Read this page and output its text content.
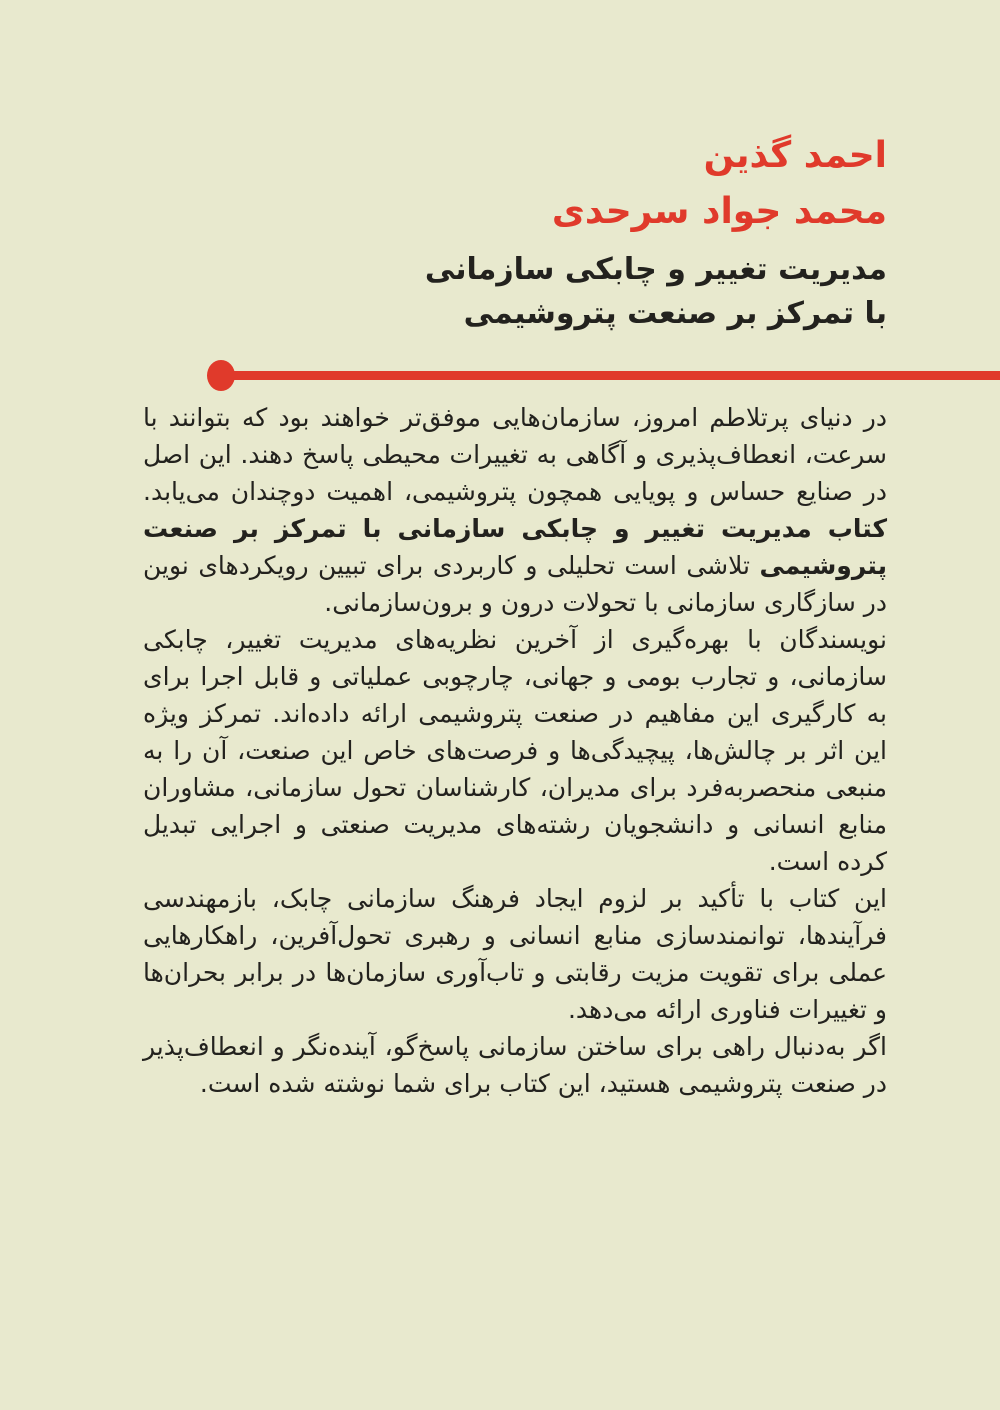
احمد گذین
محمد جواد سرحدی
مدیریت تغییر و چابکی سازمانی
با تمرکز بر صنعت پتروشیمی

در دنیای پرتلاطم امروز، سازمان‌هایی موفق‌تر خواهند بود که بتوانند با سرعت، انعطاف‌پذیری و آگاهی به تغییرات محیطی پاسخ دهند. این اصل در صنایع حساس و پویایی همچون پتروشیمی، اهمیت دوچندان می‌یابد. کتاب مدیریت تغییر و چابکی سازمانی با تمرکز بر صنعت پتروشیمی تلاشی است تحلیلی و کاربردی برای تبیین رویکردهای نوین در سازگاری سازمانی با تحولات درون و برون‌سازمانی.

نویسندگان با بهره‌گیری از آخرین نظریه‌های مدیریت تغییر، چابکی سازمانی، و تجارب بومی و جهانی، چارچوبی عملیاتی و قابل اجرا برای به کارگیری این مفاهیم در صنعت پتروشیمی ارائه داده‌اند. تمرکز ویژه این اثر بر چالش‌ها، پیچیدگی‌ها و فرصت‌های خاص این صنعت، آن را به منبعی منحصربه‌فرد برای مدیران، کارشناسان تحول سازمانی، مشاوران منابع انسانی و دانشجویان رشته‌های مدیریت صنعتی و اجرایی تبدیل کرده است.

این کتاب با تأکید بر لزوم ایجاد فرهنگ سازمانی چابک، بازمهندسی فرآیندها، توانمندسازی منابع انسانی و رهبری تحول‌آفرین، راهکارهایی عملی برای تقویت مزیت رقابتی و تاب‌آوری سازمان‌ها در برابر بحران‌ها و تغییرات فناوری ارائه می‌دهد.

اگر به‌دنبال راهی برای ساختن سازمانی پاسخ‌گو، آینده‌نگر و انعطاف‌پذیر در صنعت پتروشیمی هستید، این کتاب برای شما نوشته شده است.
